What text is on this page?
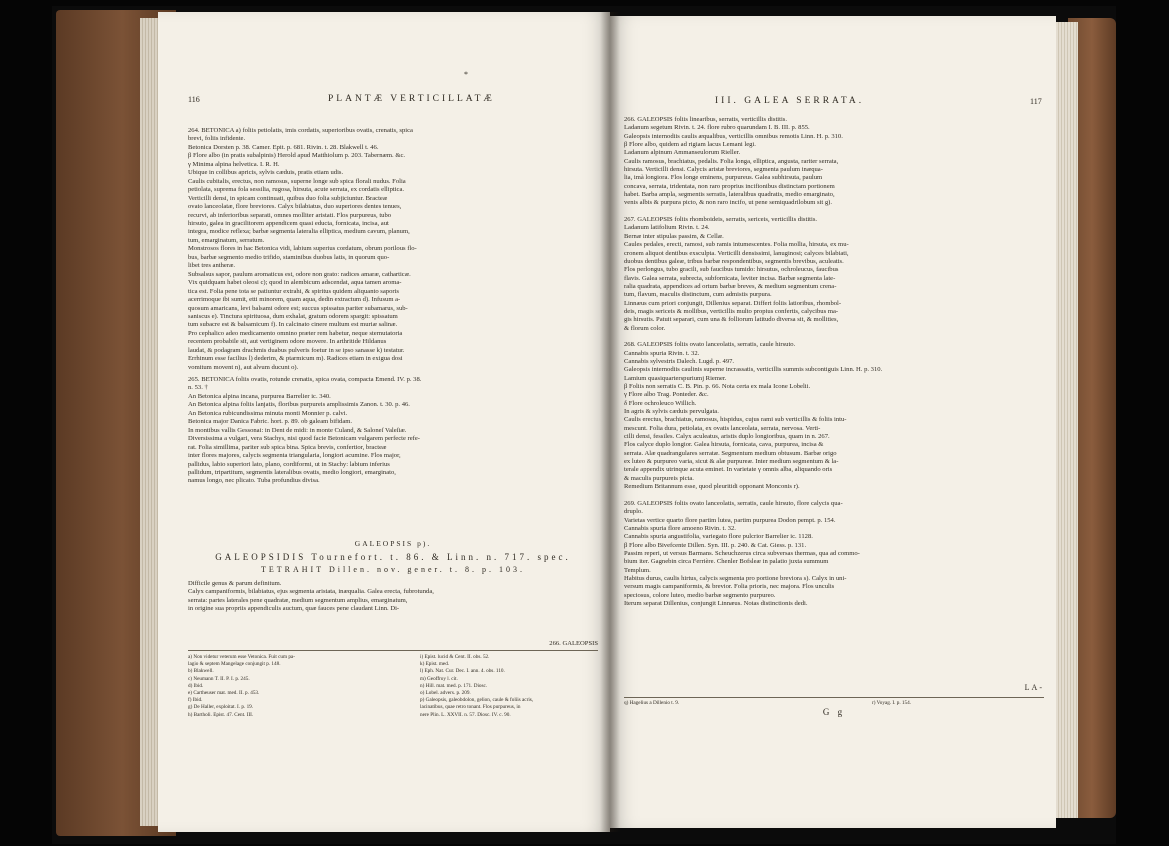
116	PLANTÆ VERTICILLATÆ
*
264. BETONICA a) foliis petiolatis, imis cordatis, superioribus ovatis, crenatis, spica
brevi, foliis infidente.
Betonica Dorsten p. 38. Camer. Epit. p. 681. Rivin. t. 28. Blakwell t. 46.
β Flore albo (in pratis subalpinis) Herold apud Matthiolum p. 203. Tabernæm. &c.
γ Minima alpina helvetica. I. R. H.
Ubique in collibus apricis, sylvis cæduis, pratis etiam udis.
Caulis cubitalis, erectus, non ramosus, superne longe sub spica florali nudus. Folia
petiolata, suprema fola sessilia, rugosa, hirsuta, acute serrata, ex cordatis elliptica.
Verticilli densi, in spicam continuati, quibus duo folia subjiciuntur. Bracteæ
ovato lanceolatæ, flore breviores. Calyx bilabiatus, duo superiores dentes tenues,
recurvi, ab inferioribus separati, omnes molliter aristati. Flos purpureus, tubo
hirsuto, galea in gracilitorem appendicem quasi educta, fornicata, incisa, aut
integra, modice reflexa; barbæ segmenta lateralia elliptica, medium cavum, planum,
tum, emarginatum, serratum.
Monstrosos flores in hac Betonica vidi, labium superius cordatum, obrum porilous flo-
bus, barbæ segmento medio trifido, staminibus duobus latis, in quorum quo-
libet tres antheræ.
Subsalsus sapor, paulum aromaticus est, odore non grato: radices amaræ, catharticæ.
Vix quidquam habet oleosi c); quod in alembicum adscendat, aqua tamen aroma-
tica est. Folia pene tota se patiuntur extrahi, & spiritus quidem aliquanto saporis
acerrimoque ibi sumit, etti minorem, quam aqua, dedin extractum d). Infusum a-
quosum amaricans, levi balsami odore est; succus spissatus pariter subamarus, sub-
saniscus e). Tinctura spirituosa, dum exhalat, gratum odorem spargit: spissatum
tum subacre est & balsamicum f). In calcinato cinere multum est muriæ salinæ.
Pro cephalico adeo medicamento omnino præter rem habetur, neque sternutatoria
recentem probabile sit, aut vertiginem odore movere. In arthritide Hildanus
laudat, & podagram drachmis duabus pulveris foetur in se ipso sanasse k) testatur.
Errhinum esse facilius l) dederim, & ptarmicum m). Radices etiam in exigua dosi
vomitum movent n), aut alvum ducunt o).
265. BETONICA foliis ovatis, rotunde crenatis, spica ovata, compacta Emend. IV. p. 38.
n. 53. †
An Betonica alpina incana, purpurea Barrelier ic. 340.
An Betonica alpina foliis lanjatis, floribus purpureis amplissimis Zanon. t. 30. p. 46.
An Betonica rubicundissima minuta monti Monnier p. calvi.
Betonica major Danica Fabric. hort. p. 89. ob galeam bifidam.
In montibus vallis Gessonai: in Dent de midi: in monte Culand, & Saloneſ Valeſiæ.
Diversissima a vulgari, vera Stachys, nisi quod facie Betonicam vulgarem perfecte refe-
rat. Folia simillima, pariter sub spica bina. Spica brevis, confertior, bracteæ
inter flores majores, calycis segmenta triangularia, longiori acumine. Flos major,
pallidus, labio superiori lato, plano, cordiformi, ut in Stachy: labium inferius
pallidum, tripartitum, segmentis lateralibus ovatis, medio longiori, emarginato,
namus longo, nec plicato. Tuba profundius divisa.
GALEOPSIS p).
GALEOPSIDIS Tournefort. t. 86. & Linn. n. 717. spec.
TETRAHIT Dillen. nov. gener. t. 8. p. 103.
Difficile genus & parum definitum.
Calyx campaniformis, bilabiatus, ejus segmenta aristata, inæqualia. Galea erecta, fubrotunda,
serrata: partes laterales pene quadratæ, medium segmentum amplius, emarginatum,
in origine sua propriis appendiculis auctum, quæ fauces pene claudant Linn. Di-
266. GALEOPSIS
a) Non videtur veterum esse Vetonica. Fuit cum pa-
lagio & septem Mangelage conjungit p. 148.
b) Blakwell.
c) Neumann T. II. P. I. p. 245.
d) Ibid.
e) Cartheuser mat. med. II. p. 453.
f) Ibid.
g) De Haller, exploitat. I. p. 19.
h) Bartholi. Epist. 47. Cent. III.
i) Epist. lucid & Cent. II. obs. 52.
k) Epist. med.
l) Eph. Nat. Cur. Dec. I. ann. 4. obs. 110.
m) Geoffroy l. cit.
n) Hill. mat. med. p. 171. Diosc.
o) Lobel. advers. p. 209.
p) Galeopsis, galeobdolon, gelion, caule & foliis acris,
lacinatibus, quae retro tonant. Flos purpureus, in
nere Plin. L. XXVII. n. 57. Diosc. IV. c. 90.
III. GALEA SERRATA.	117
266. GALEOPSIS foliis linearibus, serratis, verticillis distitis.
Ladanum segetum Rivin. t. 24. flore rubro quarundam I. B. III. p. 855.
Galeopsis internodiis caulis æqualibus, verticillis omnibus remotis Linn. H. p. 310.
β Flore albo, quidem ad rigiam lacus Lemani legi.
Ladanum alpinum Ammanseulorum Rieller.
Caulis ramosus, brachiatus, pedalis. Folia longa, elliptica, angusta, rariter serrata,
hirsuta. Verticilli densi. Calycis aristæ breviores, segmenta paulum inæqua-
lia, imà longiora. Flos longe eminens, purpureus. Galea subhirsuta, paulum
concava, serrata, tridentata, non raro proprius incifionibus distinctam portionem
habet. Barba ampla, segmentis serratis, lateralibus quadratis, medio emarginato,
venis albis & purpura picto, & non raro incifo, ut pene semiquadrilobum sit g).

267. GALEOPSIS foliis rhomboideis, serratis, sericeis, verticillis distitis.
Ladanum latifolium Rivin. t. 24.
Bernæ inter stipulas passim, & Cellæ.
Caules pedales, erecti, ramosi, sub ramis intumescentes. Folia mollia, hirsuta, ex mu-
cronem aliquot dentibus exsculpta. Verticilli densissimi, lanuginosi; calyces bilabiati,
duobus dentibus galeæ, tribus barbæ respondentibus, segmentis brevibus, aculeatis.
Flos perlongus, tubo gracili, sub faucibus tumido: hirsutus, ochroleucus, faucibus
flavis. Galea serrata, subrecta, subfornicata, leviter incisa. Barbæ segmenta late-
ralia quadrata, appendices ad ortum barbæ breves, & medium segmentum crena-
tum, flavum, maculis distinctum, cum admistis purpura.
Linnæus cum priori conjungit, Dillenius separat. Differt foliis latioribus, rhombol-
deis, magis sericeis & mollibus, verticillis multo propius confertis, calycibus ma-
gis hirsutis. Patuit separari, cum una & folliorum latitudo diversa sit, & mollities,
& florum color.

268. GALEOPSIS foliis ovato lanceolatis, serratis, caule hirsuto.
Cannabis spuria Rivin. t. 32.
Cannabis sylvestris Dalech. Lugd. p. 497.
Galeopsis internodiis caulinis superne incrassatis, verticillis summis subcontiguis Linn. H. p. 310.
Lamium quasiquarterspuriumj Riemer.
β Foliis non serratis C. B. Pin. p. 66. Nota certa ex mala Icone Lobelii.
γ Flore albo Trag. Ponteder. &c.
δ Flore ochroleuco Willich.
In agris & sylvis cæduis pervulgata.
Caulis erectus, brachiatus, ramosus, hispidus, cujus rami sub verticillis & foliis intu-
mescunt. Folia dura, petiolata, ex ovatis lanceolata, serrata, nervosa. Verti-
cilli densi, fessiles. Calyx aculeatus, aristis duplo longioribus, quam in n. 267.
Flos calyce duplo longior. Galea hirsuta, fornicata, cava, purpurea, incisa &
serrata. Alæ quadrangulares serratæ. Segmentum medium obtusum. Barbæ origo
ex luteo & purpureo varia, sicut & alæ purpureæ. Inter medium segmentum & la-
terale appendix utrinque acuta eminet. In varietate γ omnis alba, aliquando oris
& maculis purpureis picta.
Remedium Britannum esse, quod pleuritidi opponant Monconis r).

269. GALEOPSIS foliis ovato lanceolatis, serratis, caule hirsuto, flore calycis qua-
druplo.
Varietas vertice quarto flore partim lutea, partim purpurea Dodon pempt. p. 154.
Cannabis spuria flore amoeno Rivin. t. 32.
Cannabis spuria angustifolia, variegato flore pulcrior Barrelier ic. 1128.
β Flore albo Bivefcente Dillen. Syn. III. p. 240. & Cat. Giess. p. 131.
Passim reperi, ut versus Barmans. Scheuchzerus circa subversas thermas, qua ad commo-
bium iter. Gagnebin circa Ferrière. Chenler Bofsleæ in palatio juxta summum
Templum.
Habitus durus, caulis hirtus, calycis segmenta pro portione breviora s). Calyx in uni-
versum magis campaniformis, & brevior. Folia prioris, nec majora. Flos unculis
speciosus, colore luteo, medio barbæ segmento purpureo.
Iterum separat Dillenius, conjungit Linnæus. Notas distinctionis dedi.
LA-
q) Hagelius a Dillenio t. 9.	r) Voyag. I. p. 154.
G g
